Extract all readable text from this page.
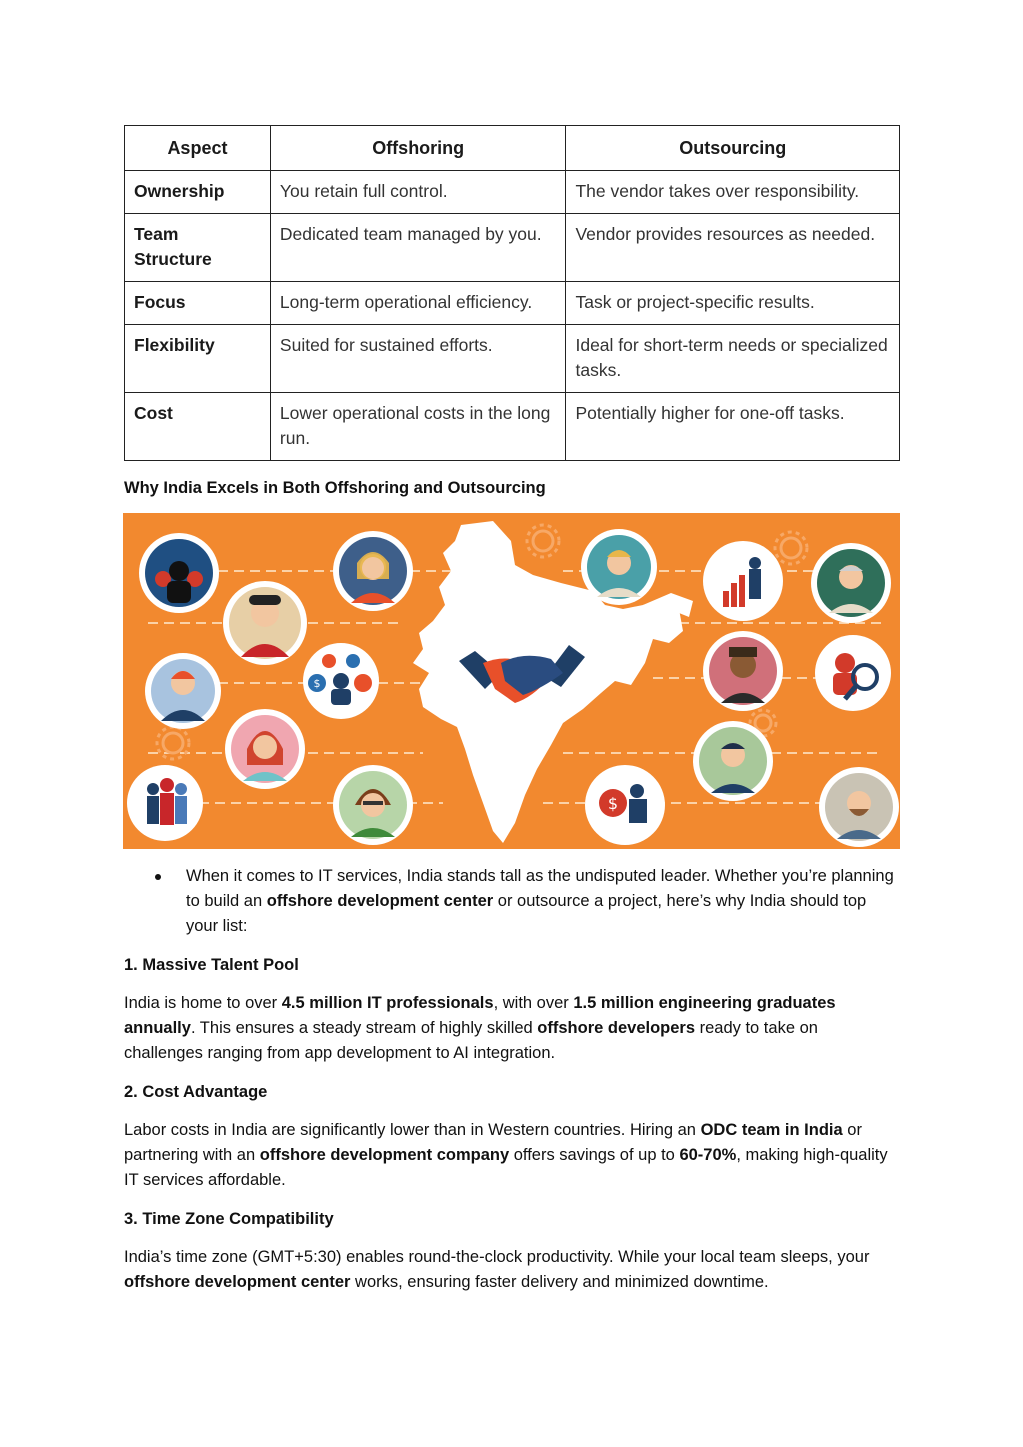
Aspect	Offshoring	Outsourcing
Ownership	You retain full control.	The vendor takes over responsibility.
Team Structure	Dedicated team managed by you.	Vendor provides resources as needed.
Focus	Long-term operational efficiency.	Task or project-specific results.
Flexibility	Suited for sustained efforts.	Ideal for short-term needs or specialized tasks.
Cost	Lower operational costs in the long run.	Potentially higher for one-off tasks.

Why India Excels in Both Offshoring and Outsourcing

$
$
When it comes to IT services, India stands tall as the undisputed leader. Whether you’re planning to build an offshore development center or outsource a project, here’s why India should top your list:

1. Massive Talent Pool

India is home to over 4.5 million IT professionals, with over 1.5 million engineering graduates annually. This ensures a steady stream of highly skilled offshore developers ready to take on challenges ranging from app development to AI integration.

2. Cost Advantage

Labor costs in India are significantly lower than in Western countries. Hiring an ODC team in India or partnering with an offshore development company offers savings of up to 60-70%, making high-quality IT services affordable.

3. Time Zone Compatibility

India’s time zone (GMT+5:30) enables round-the-clock productivity. While your local team sleeps, your offshore development center works, ensuring faster delivery and minimized downtime.
